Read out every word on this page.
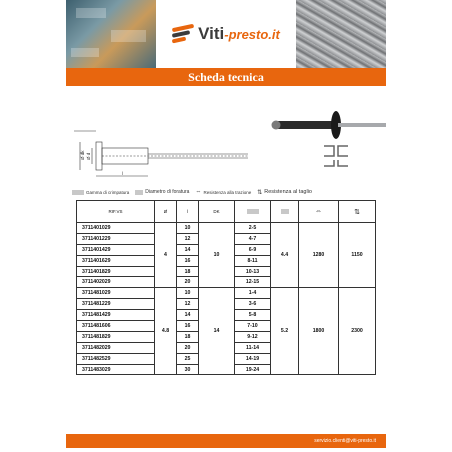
Viti-presto.it
Scheda tecnica
Ø dk Ø d
l
Gamma di crimpatura	Diametro di foratura ⇔ Resistenza alla trazione ⇅ Resistenza al taglio
RIF.VS	Ø	l	DK			⇔	⇅
3711401029	4	10	10	2-5	4.4	1280	1150
3711401229		12		4-7			
3711401429		14		6-9			
3711401629		16		8-11			
3711401829		18		10-13			
3711402029		20		12-15			
3711481029	4.8	10	14	1-4	5.2	1800	2300
3711481229		12		3-6			
3711481429		14		5-8			
3711481606		16		7-10			
3711481829		18		9-12			
3711482029		20		11-14			
3711482529		25		14-19			
3711483029		30		19-24			
servizio.clienti@viti-presto.it
